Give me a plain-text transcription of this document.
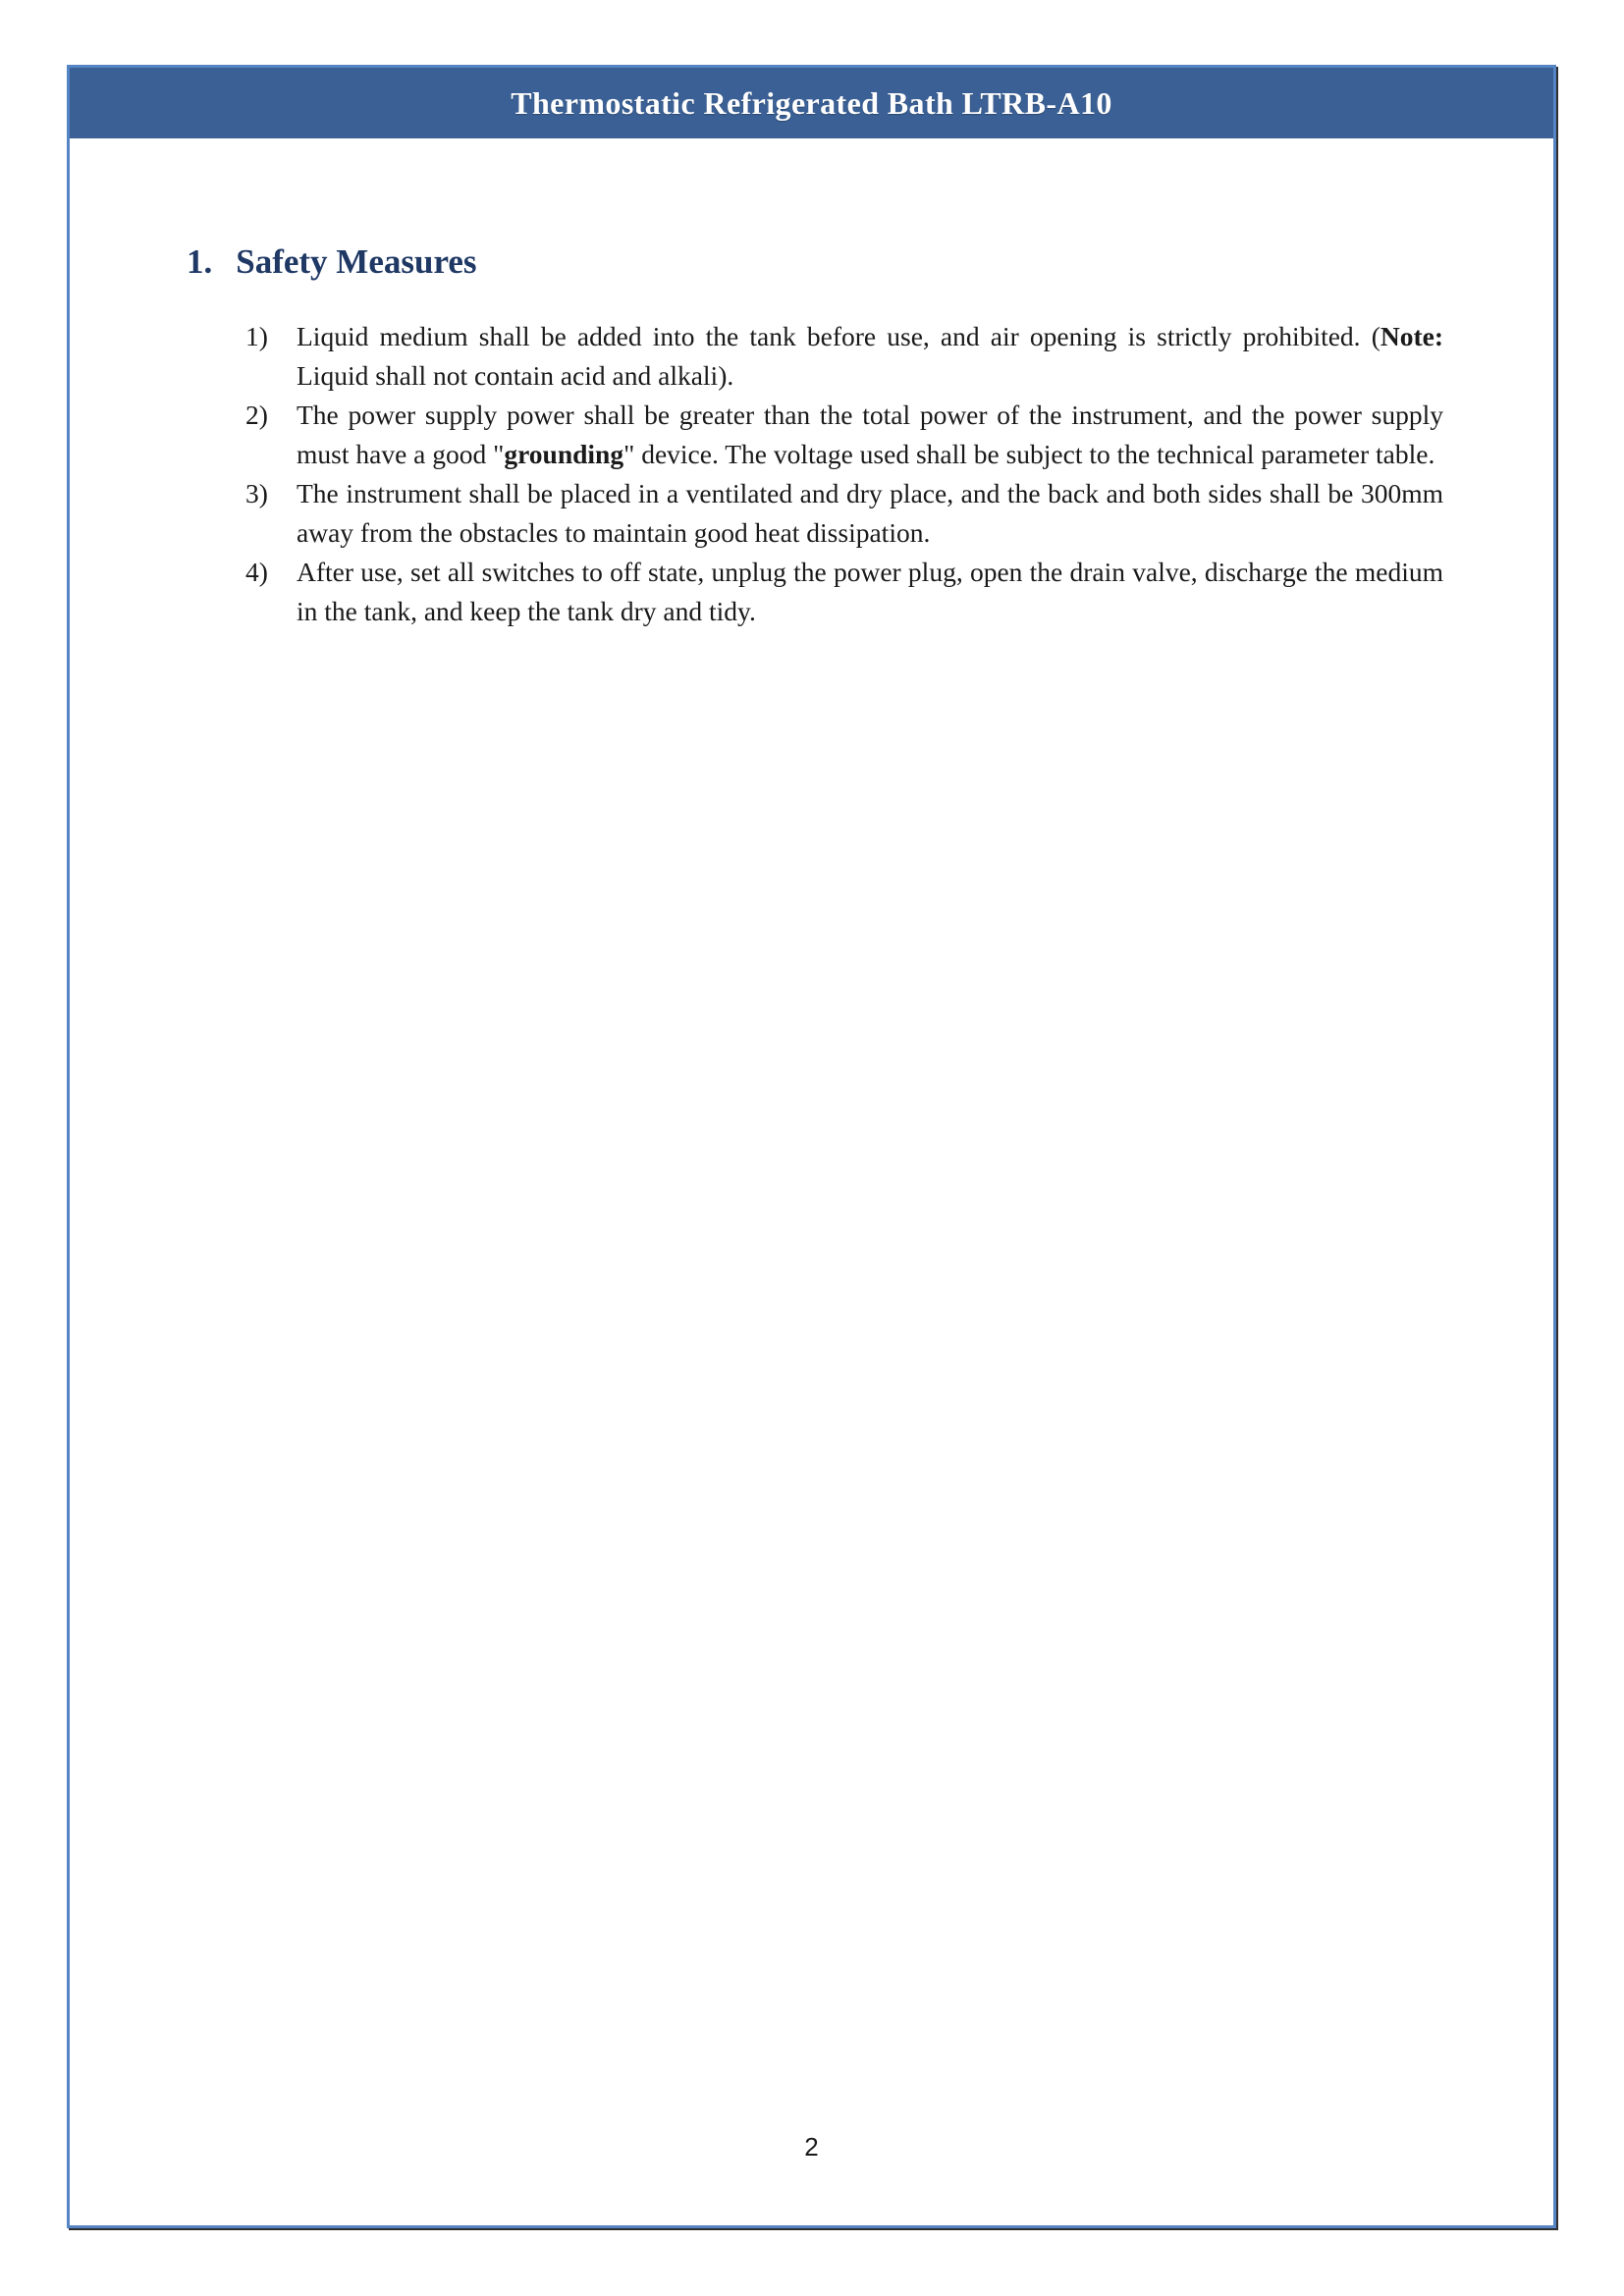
Thermostatic Refrigerated Bath LTRB-A10
1. Safety Measures
1)	Liquid medium shall be added into the tank before use, and air opening is strictly prohibited. (Note: Liquid shall not contain acid and alkali).
2)	The power supply power shall be greater than the total power of the instrument, and the power supply must have a good "grounding" device. The voltage used shall be subject to the technical parameter table.
3)	The instrument shall be placed in a ventilated and dry place, and the back and both sides shall be 300mm away from the obstacles to maintain good heat dissipation.
4)	After use, set all switches to off state, unplug the power plug, open the drain valve, discharge the medium in the tank, and keep the tank dry and tidy.
2
